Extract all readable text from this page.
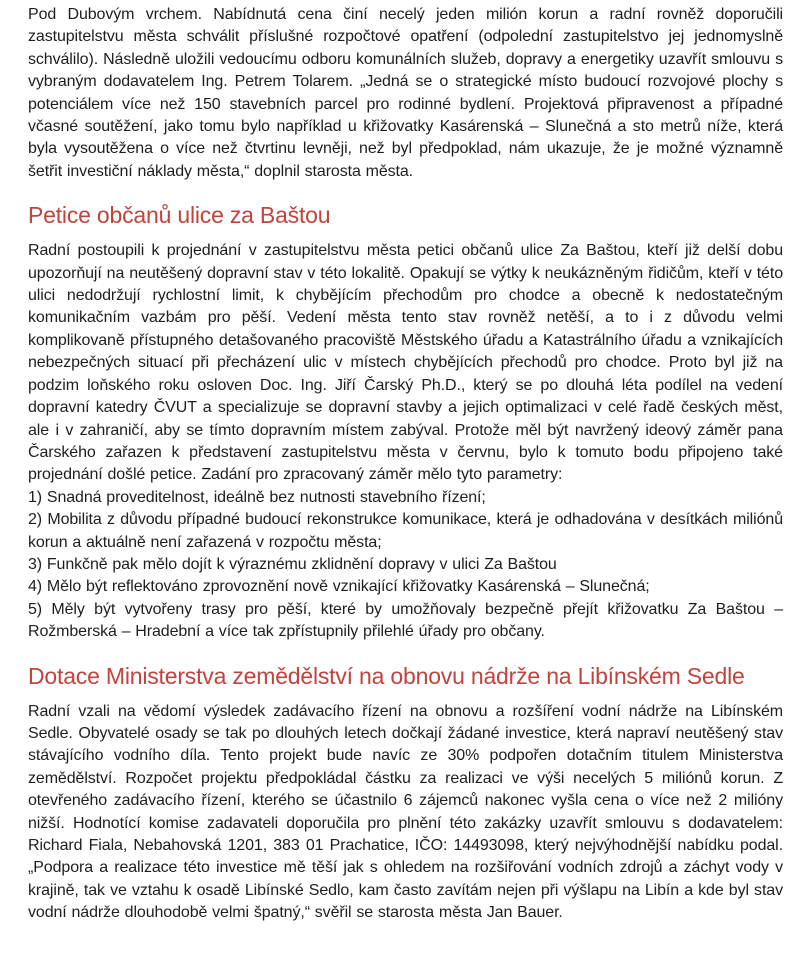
Pod Dubovým vrchem. Nabídnutá cena činí necelý jeden milión korun a radní rovněž doporučili zastupitelstvu města schválit příslušné rozpočtové opatření (odpolední zastupitelstvo jej jednomyslně schválilo). Následně uložili vedoucímu odboru komunálních služeb, dopravy a energetiky uzavřít smlouvu s vybraným dodavatelem Ing. Petrem Tolarem. „Jedná se o strategické místo budoucí rozvojové plochy s potenciálem více než 150 stavebních parcel pro rodinné bydlení. Projektová připravenost a případné včasné soutěžení, jako tomu bylo například u křižovatky Kasárenská – Slunečná a sto metrů níže, která byla vysoutěžena o více než čtvrtinu levněji, než byl předpoklad, nám ukazuje, že je možné významně šetřit investiční náklady města,“ doplnil starosta města.

Petice občanů ulice za Baštou

Radní postoupili k projednání v zastupitelstvu města petici občanů ulice Za Baštou, kteří již delší dobu upozorňují na neutěšený dopravní stav v této lokalitě. Opakují se výtky k neukázněným řidičům, kteří v této ulici nedodržují rychlostní limit, k chybějícím přechodům pro chodce a obecně k nedostatečným komunikačním vazbám pro pěší. Vedení města tento stav rovněž netěší, a to i z důvodu velmi komplikovaně přístupného detašovaného pracoviště Městského úřadu a Katastrálního úřadu a vznikajících nebezpečných situací při přecházení ulic v místech chybějících přechodů pro chodce. Proto byl již na podzim loňského roku osloven Doc. Ing. Jiří Čarský Ph.D., který se po dlouhá léta podílel na vedení dopravní katedry ČVUT a specializuje se dopravní stavby a jejich optimalizaci v celé řadě českých měst, ale i v zahraničí, aby se tímto dopravním místem zabýval. Protože měl být navržený ideový záměr pana Čarského zařazen k představení zastupitelstvu města v červnu, bylo k tomuto bodu připojeno také projednání došlé petice. Zadání pro zpracovaný záměr mělo tyto parametry:

1) Snadná proveditelnost, ideálně bez nutnosti stavebního řízení;

2) Mobilita z důvodu případné budoucí rekonstrukce komunikace, která je odhadována v desítkách miliónů korun a aktuálně není zařazená v rozpočtu města;

3) Funkčně pak mělo dojít k výraznému zklidnění dopravy v ulici Za Baštou

4) Mělo být reflektováno zprovoznění nově vznikající křižovatky Kasárenská – Slunečná;

5) Měly být vytvořeny trasy pro pěší, které by umožňovaly bezpečně přejít křižovatku Za Baštou – Rožmberská – Hradební a více tak zpřístupnily přilehlé úřady pro občany.

Dotace Ministerstva zemědělství na obnovu nádrže na Libínském Sedle

Radní vzali na vědomí výsledek zadávacího řízení na obnovu a rozšíření vodní nádrže na Libínském Sedle. Obyvatelé osady se tak po dlouhých letech dočkají žádané investice, která napraví neutěšený stav stávajícího vodního díla. Tento projekt bude navíc ze 30% podpořen dotačním titulem Ministerstva zemědělství. Rozpočet projektu předpokládal částku za realizaci ve výši necelých 5 miliónů korun. Z otevřeného zadávacího řízení, kterého se účastnilo 6 zájemců nakonec vyšla cena o více než 2 milióny nižší. Hodnotící komise zadavateli doporučila pro plnění této zakázky uzavřít smlouvu s dodavatelem: Richard Fiala, Nebahovská 1201, 383 01 Prachatice, IČO: 14493098, který nejvýhodnější nabídku podal. „Podpora a realizace této investice mě těší jak s ohledem na rozšiřování vodních zdrojů a záchyt vody v krajině, tak ve vztahu k osadě Libínské Sedlo, kam často zavítám nejen při výšlapu na Libín a kde byl stav vodní nádrže dlouhodobě velmi špatný,“ svěřil se starosta města Jan Bauer.
